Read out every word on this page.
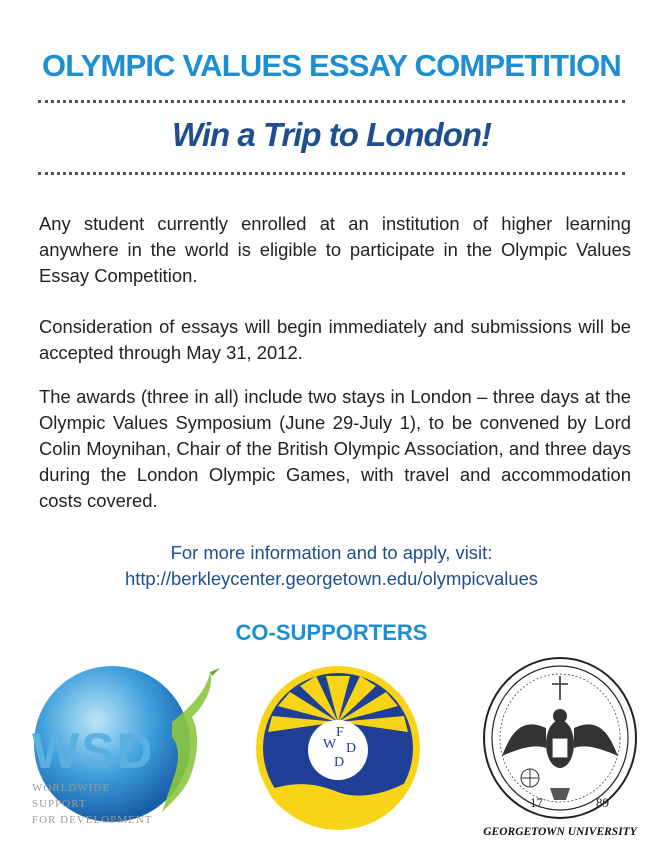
OLYMPIC VALUES ESSAY COMPETITION
Win a Trip to London!
Any student currently enrolled at an institution of higher learning anywhere in the world is eligible to participate in the Olympic Values Essay Competition.
Consideration of essays will begin immediately and submissions will be accepted through May 31, 2012.
The awards (three in all) include two stays in London – three days at the Olympic Values Symposium (June 29-July 1), to be convened by Lord Colin Moynihan, Chair of the British Olympic Association, and three days during the London Olympic Games, with travel and accommodation costs covered.
For more information and to apply, visit:
http://berkleycenter.georgetown.edu/olympicvalues
CO-SUPPORTERS
WSD
WORLDWIDE
SUPPORT
FOR DEVELOPMENT
W
F
D
D
17	89
GEORGETOWN UNIVERSITY
